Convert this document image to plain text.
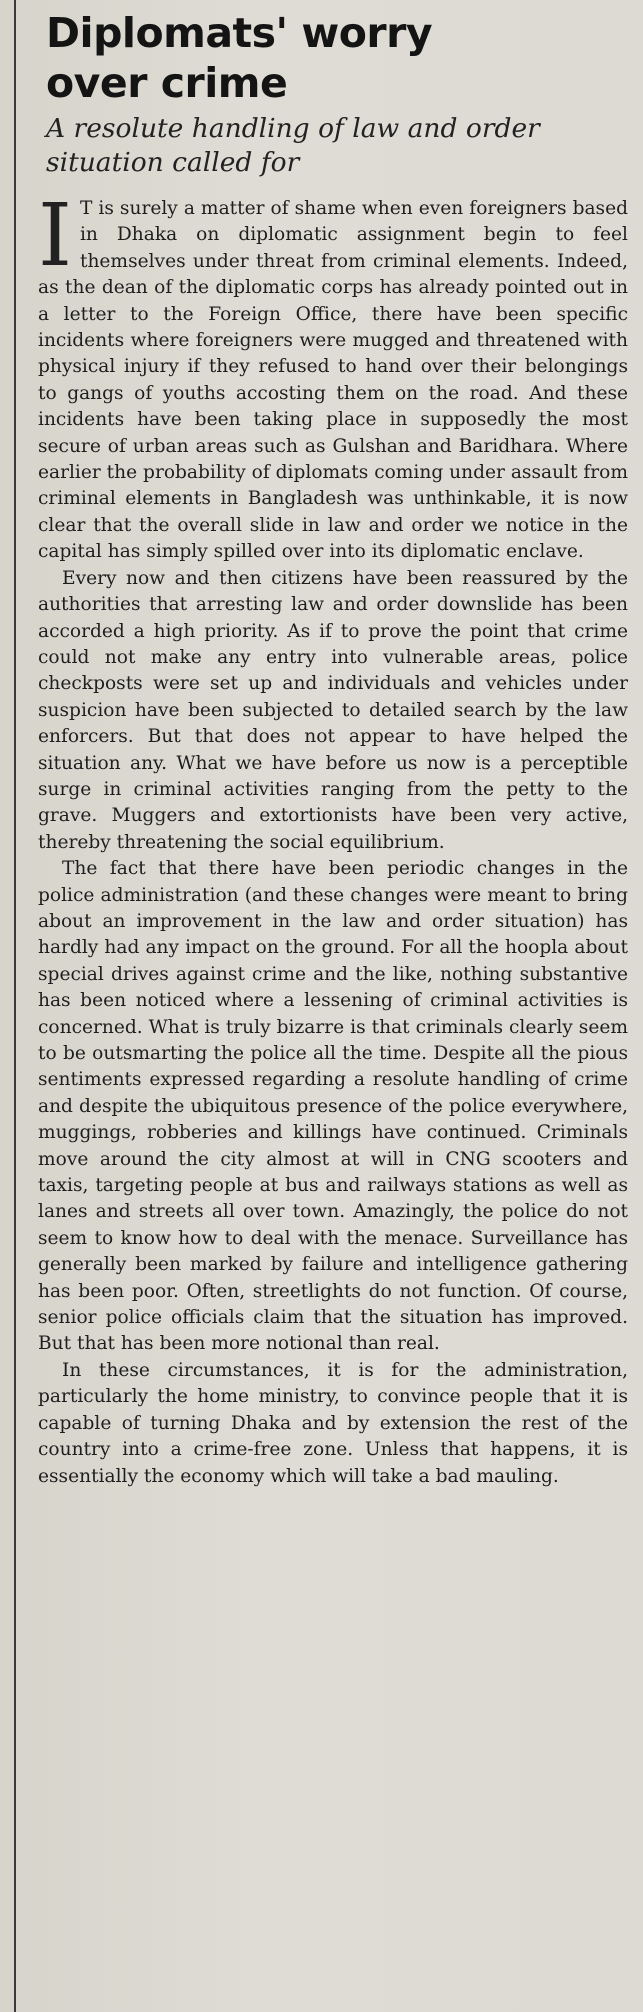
Diplomats' worry
over crime
A resolute handling of law and order
situation called for

I T is surely a matter of shame when even foreigners based in Dhaka on diplomatic assignment begin to feel themselves under threat from criminal elements. Indeed, as the dean of the diplomatic corps has already pointed out in a letter to the Foreign Office, there have been specific incidents where foreigners were mugged and threatened with physical injury if they refused to hand over their belongings to gangs of youths accosting them on the road. And these incidents have been taking place in supposedly the most secure of urban areas such as Gulshan and Baridhara. Where earlier the probability of diplomats coming under assault from criminal elements in Bangladesh was unthinkable, it is now clear that the overall slide in law and order we notice in the capital has simply spilled over into its diplomatic enclave.

Every now and then citizens have been reassured by the authorities that arresting law and order downslide has been accorded a high priority. As if to prove the point that crime could not make any entry into vulnerable areas, police checkposts were set up and individuals and vehicles under suspicion have been subjected to detailed search by the law enforcers. But that does not appear to have helped the situation any. What we have before us now is a perceptible surge in criminal activities ranging from the petty to the grave. Muggers and extortionists have been very active, thereby threatening the social equilibrium.

The fact that there have been periodic changes in the police administration (and these changes were meant to bring about an improvement in the law and order situation) has hardly had any impact on the ground. For all the hoopla about special drives against crime and the like, nothing substantive has been noticed where a lessening of criminal activities is concerned. What is truly bizarre is that criminals clearly seem to be outsmarting the police all the time. Despite all the pious sentiments expressed regarding a resolute handling of crime and despite the ubiquitous presence of the police everywhere, muggings, robberies and killings have continued. Criminals move around the city almost at will in CNG scooters and taxis, targeting people at bus and railways stations as well as lanes and streets all over town. Amazingly, the police do not seem to know how to deal with the menace. Surveillance has generally been marked by failure and intelligence gathering has been poor. Often, streetlights do not function. Of course, senior police officials claim that the situation has improved. But that has been more notional than real.

In these circumstances, it is for the administration, particularly the home ministry, to convince people that it is capable of turning Dhaka and by extension the rest of the country into a crime-free zone. Unless that happens, it is essentially the economy which will take a bad mauling.
